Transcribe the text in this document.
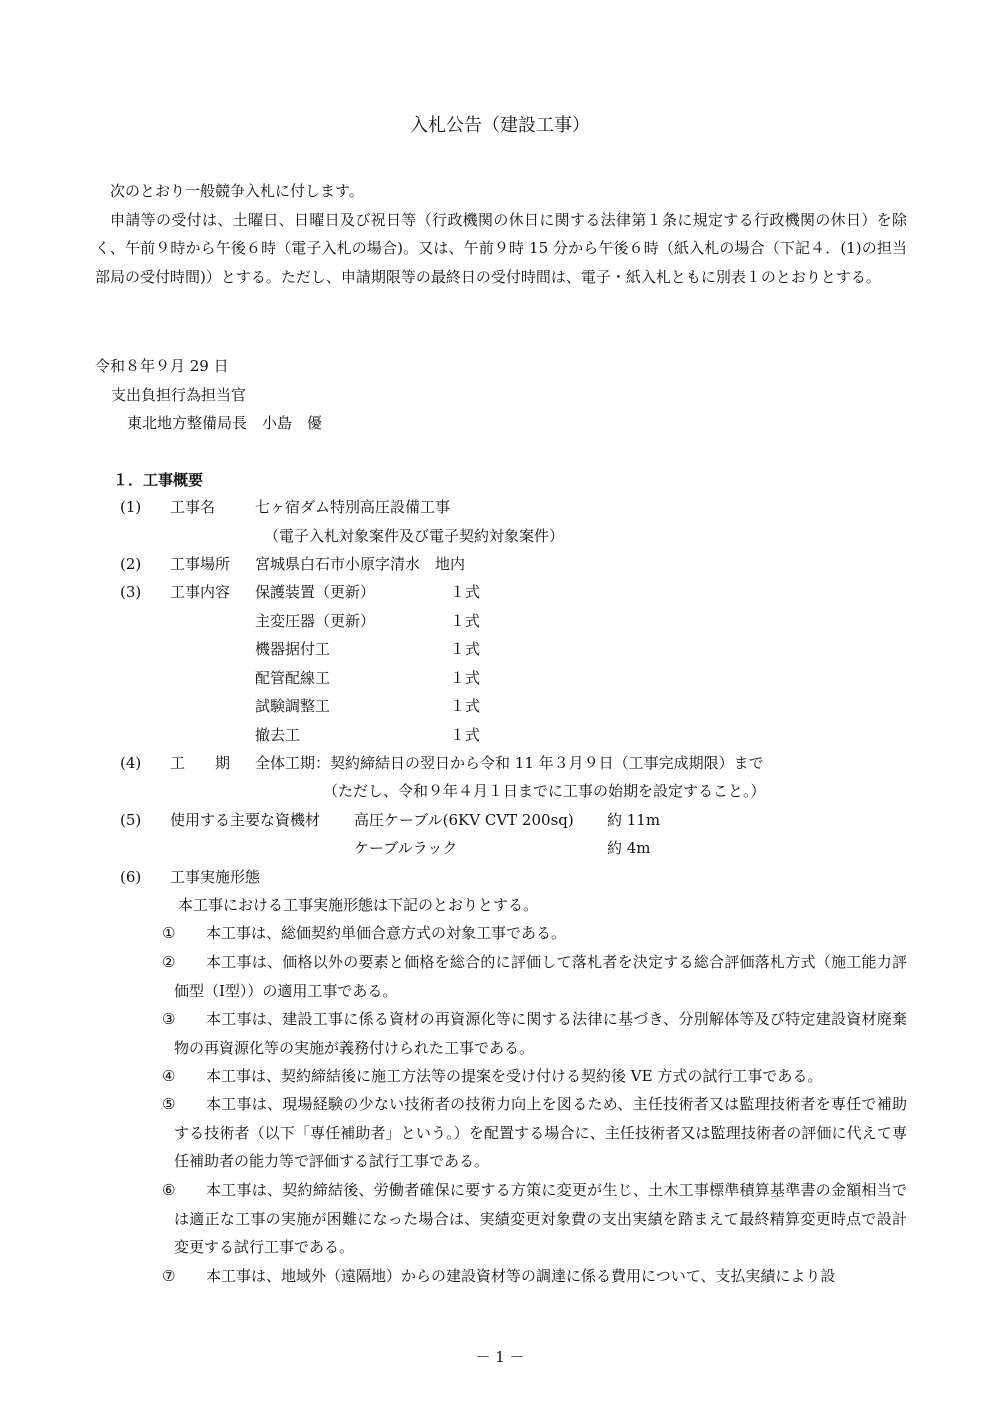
入札公告（建設工事）

次のとおり一般競争入札に付します。

申請等の受付は、土曜日、日曜日及び祝日等（行政機関の休日に関する法律第１条に規定する行政機関の休日）を除く、午前９時から午後６時（電子入札の場合)。又は、午前９時 15 分から午後６時（紙入札の場合（下記４．(1)の担当部局の受付時間)）とする。ただし、申請期限等の最終日の受付時間は、電子・紙入札ともに別表１のとおりとする。

令和８年９月 29 日
支出負担行為担当官
東北地方整備局長　小島　優
１．工事概要
(1) 工事名	七ヶ宿ダム特別高圧設備工事
（電子入札対象案件及び電子契約対象案件）
(2) 工事場所 宮城県白石市小原字清水　地内
(3) 工事内容 保護装置（更新）	１式
主変圧器（更新）	１式
機器据付工	１式
配管配線工	１式
試験調整工	１式
撤去工	１式
(4) 工　　期 全体工期：契約締結日の翌日から令和 11 年３月９日（工事完成期限）まで
（ただし、令和９年４月１日までに工事の始期を設定すること。）
(5) 使用する主要な資機材 高圧ケーブル(6KV CVT 200sq) 約 11m
ケーブルラック	約 4m
(6) 工事実施形態
本工事における工事実施形態は下記のとおりとする。
①	本工事は、総価契約単価合意方式の対象工事である。
②	本工事は、価格以外の要素と価格を総合的に評価して落札者を決定する総合評価落札方式（施工能力評価型（Ⅰ型））の適用工事である。
③	本工事は、建設工事に係る資材の再資源化等に関する法律に基づき、分別解体等及び特定建設資材廃棄物の再資源化等の実施が義務付けられた工事である。
④	本工事は、契約締結後に施工方法等の提案を受け付ける契約後 VE 方式の試行工事である。
⑤	本工事は、現場経験の少ない技術者の技術力向上を図るため、主任技術者又は監理技術者を専任で補助する技術者（以下「専任補助者」という。）を配置する場合に、主任技術者又は監理技術者の評価に代えて専任補助者の能力等で評価する試行工事である。
⑥	本工事は、契約締結後、労働者確保に要する方策に変更が生じ、土木工事標準積算基準書の金額相当では適正な工事の実施が困難になった場合は、実績変更対象費の支出実績を踏まえて最終精算変更時点で設計変更する試行工事である。
⑦	本工事は、地域外（遠隔地）からの建設資材等の調達に係る費用について、支払実績により設
－ 1 －
